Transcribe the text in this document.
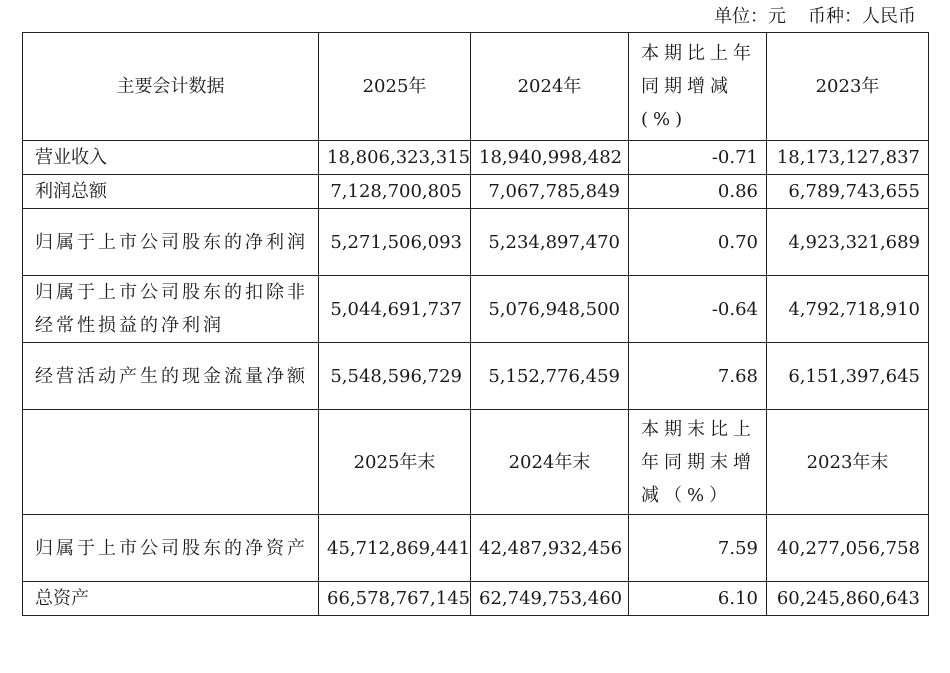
单位：元 币种：人民币
主要会计数据	2025年	2024年	本期比上年同期增减(%)	2023年
营业收入	18,806,323,315	18,940,998,482	-0.71	18,173,127,837
利润总额	7,128,700,805	7,067,785,849	0.86	6,789,743,655
归属于上市公司股东的净利润	5,271,506,093	5,234,897,470	0.70	4,923,321,689
归属于上市公司股东的扣除非经常性损益的净利润	5,044,691,737	5,076,948,500	-0.64	4,792,718,910
经营活动产生的现金流量净额	5,548,596,729	5,152,776,459	7.68	6,151,397,645
	2025年末	2024年末	本期末比上年同期末增减（%）	2023年末
归属于上市公司股东的净资产	45,712,869,441	42,487,932,456	7.59	40,277,056,758
总资产	66,578,767,145	62,749,753,460	6.10	60,245,860,643
